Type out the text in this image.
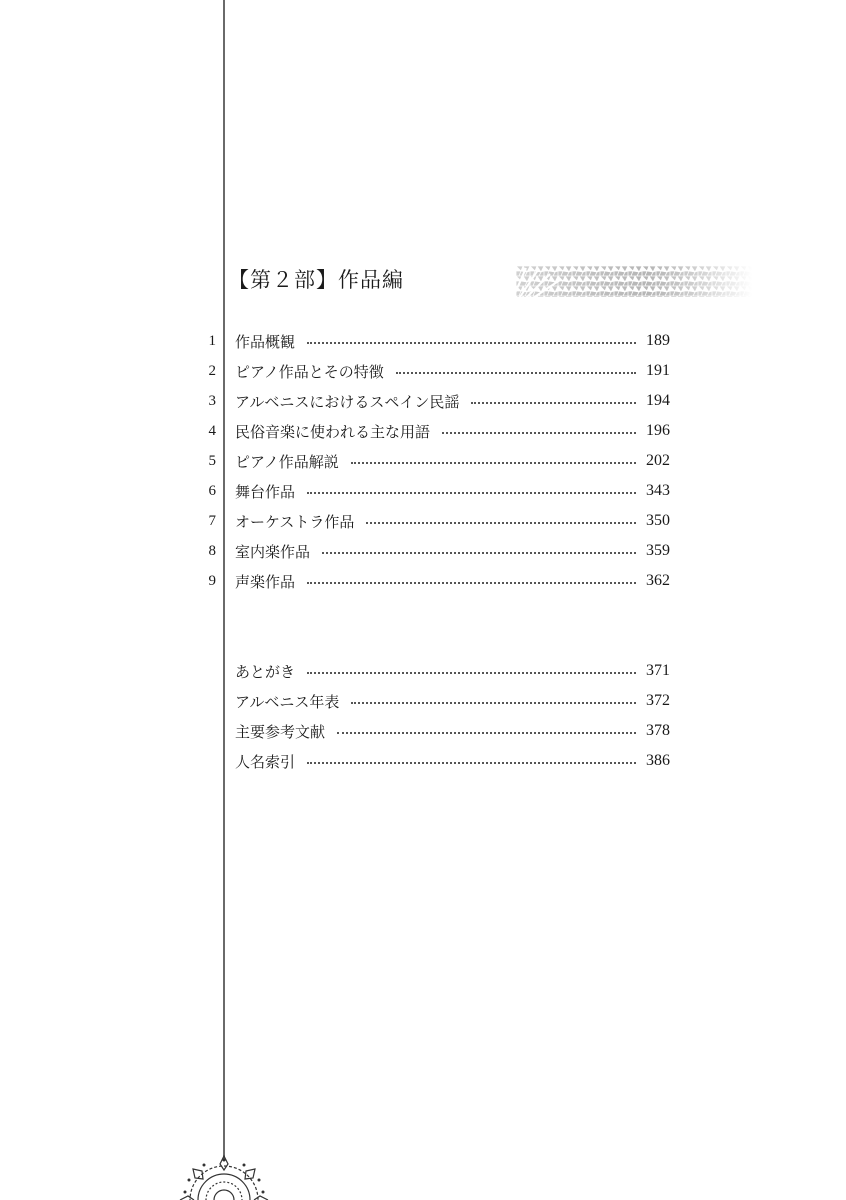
【第２部】作品編
1 作品概観	189
2 ピアノ作品とその特徴	191
3 アルベニスにおけるスペイン民謡	194
4 民俗音楽に使われる主な用語	196
5 ピアノ作品解説	202
6 舞台作品	343
7 オーケストラ作品	350
8 室内楽作品	359
9 声楽作品	362
あとがき	371
アルベニス年表	372
主要参考文献	378
人名索引	386
